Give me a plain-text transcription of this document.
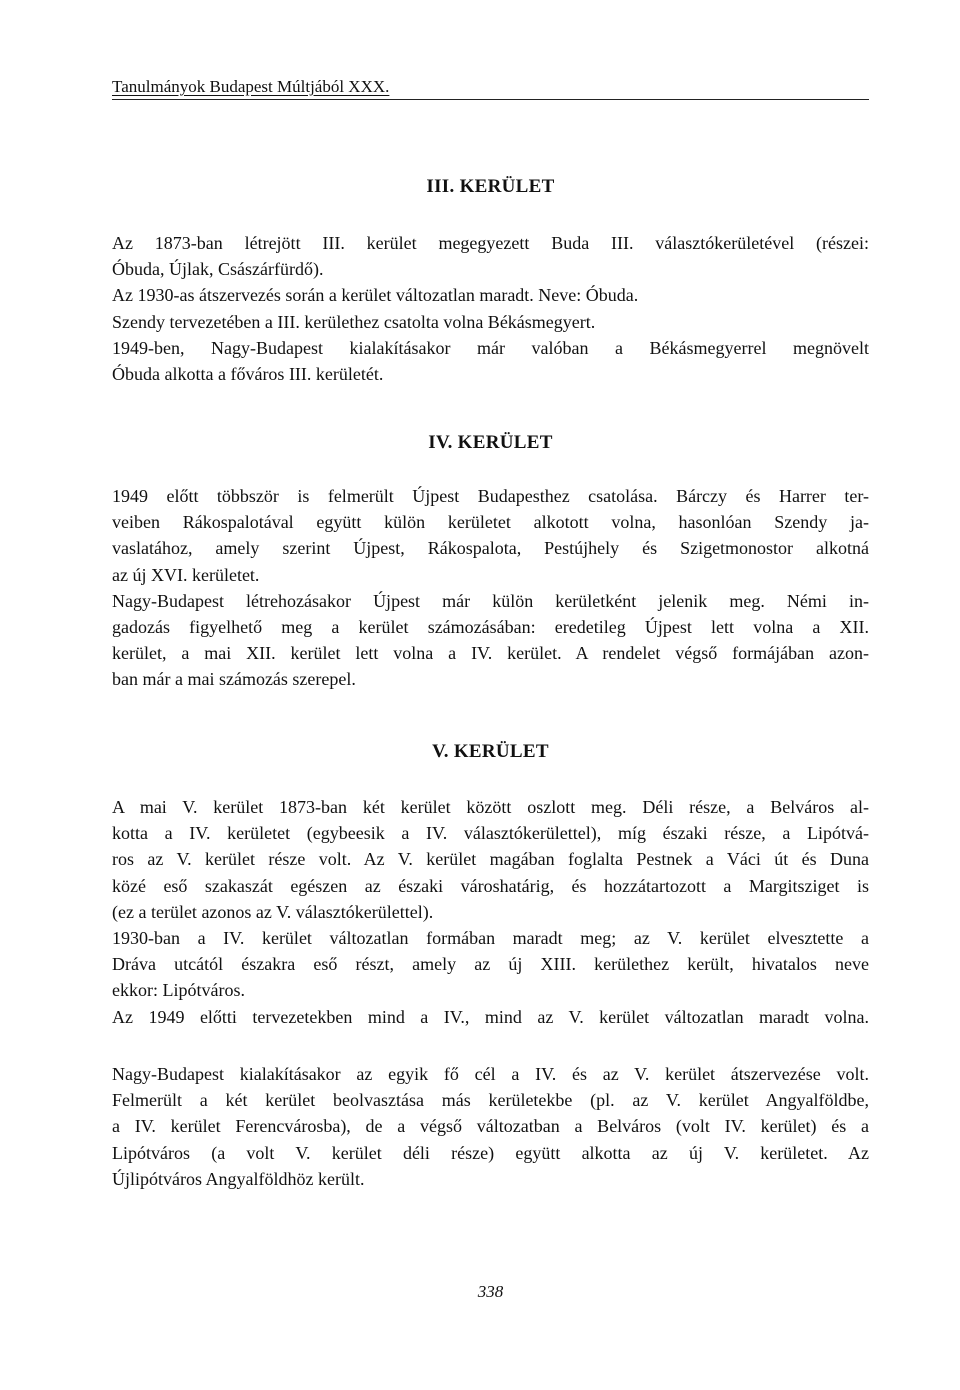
Tanulmányok Budapest Múltjából XXX.
III. KERÜLET
Az 1873-ban létrejött III. kerület megegyezett Buda III. választókerületével (részei:
Óbuda, Újlak, Császárfürdő).
Az 1930-as átszervezés során a kerület változatlan maradt. Neve: Óbuda.
Szendy tervezetében a III. kerülethez csatolta volna Békásmegyert.
1949-ben, Nagy-Budapest kialakításakor már valóban a Békásmegyerrel megnövelt
Óbuda alkotta a főváros III. kerületét.
IV. KERÜLET
1949 előtt többször is felmerült Újpest Budapesthez csatolása. Bárczy és Harrer ter-
veiben Rákospalotával együtt külön kerületet alkotott volna, hasonlóan Szendy ja-
vaslatához, amely szerint Újpest, Rákospalota, Pestújhely és Szigetmonostor alkotná
az új XVI. kerületet.
Nagy-Budapest létrehozásakor Újpest már külön kerületként jelenik meg. Némi in-
gadozás figyelhető meg a kerület számozásában: eredetileg Újpest lett volna a XII.
kerület, a mai XII. kerület lett volna a IV. kerület. A rendelet végső formájában azon-
ban már a mai számozás szerepel.
V. KERÜLET
A mai V. kerület 1873-ban két kerület között oszlott meg. Déli része, a Belváros al-
kotta a IV. kerületet (egybeesik a IV. választókerülettel), míg északi része, a Lipótvá-
ros az V. kerület része volt. Az V. kerület magában foglalta Pestnek a Váci út és Duna
közé eső szakaszát egészen az északi városhatárig, és hozzátartozott a Margitsziget is
(ez a terület azonos az V. választókerülettel).
1930-ban a IV. kerület változatlan formában maradt meg; az V. kerület elvesztette a
Dráva utcától északra eső részt, amely az új XIII. kerülethez került, hivatalos neve
ekkor: Lipótváros.
Az 1949 előtti tervezetekben mind a IV., mind az V. kerület változatlan maradt volna.
Nagy-Budapest kialakításakor az egyik fő cél a IV. és az V. kerület átszervezése volt.
Felmerült a két kerület beolvasztása más kerületekbe (pl. az V. kerület Angyalföldbe,
a IV. kerület Ferencvárosba), de a végső változatban a Belváros (volt IV. kerület) és a
Lipótváros (a volt V. kerület déli része) együtt alkotta az új V. kerületet. Az
Újlipótváros Angyalföldhöz került.
338
